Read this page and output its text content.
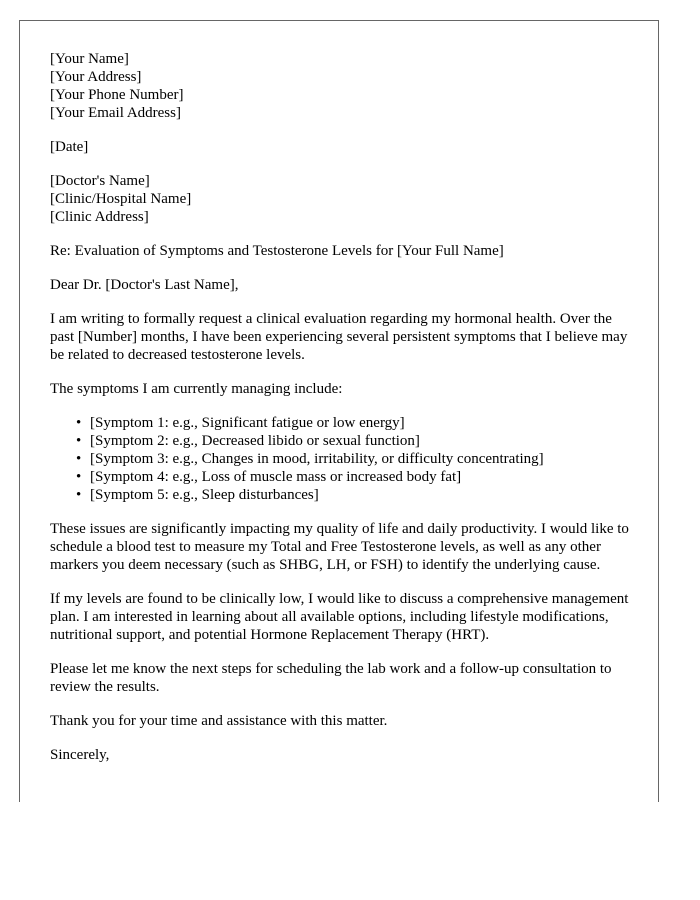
[Your Name]
[Your Address]
[Your Phone Number]
[Your Email Address]
[Date]
[Doctor's Name]
[Clinic/Hospital Name]
[Clinic Address]

Re: Evaluation of Symptoms and Testosterone Levels for [Your Full Name]

Dear Dr. [Doctor's Last Name],

I am writing to formally request a clinical evaluation regarding my hormonal health. Over the past [Number] months, I have been experiencing several persistent symptoms that I believe may be related to decreased testosterone levels.

The symptoms I am currently managing include:

• [Symptom 1: e.g., Significant fatigue or low energy]
• [Symptom 2: e.g., Decreased libido or sexual function]
• [Symptom 3: e.g., Changes in mood, irritability, or difficulty concentrating]
• [Symptom 4: e.g., Loss of muscle mass or increased body fat]
• [Symptom 5: e.g., Sleep disturbances]

These issues are significantly impacting my quality of life and daily productivity. I would like to schedule a blood test to measure my Total and Free Testosterone levels, as well as any other markers you deem necessary (such as SHBG, LH, or FSH) to identify the underlying cause.

If my levels are found to be clinically low, I would like to discuss a comprehensive management plan. I am interested in learning about all available options, including lifestyle modifications, nutritional support, and potential Hormone Replacement Therapy (HRT).

Please let me know the next steps for scheduling the lab work and a follow-up consultation to review the results.

Thank you for your time and assistance with this matter.

Sincerely,
